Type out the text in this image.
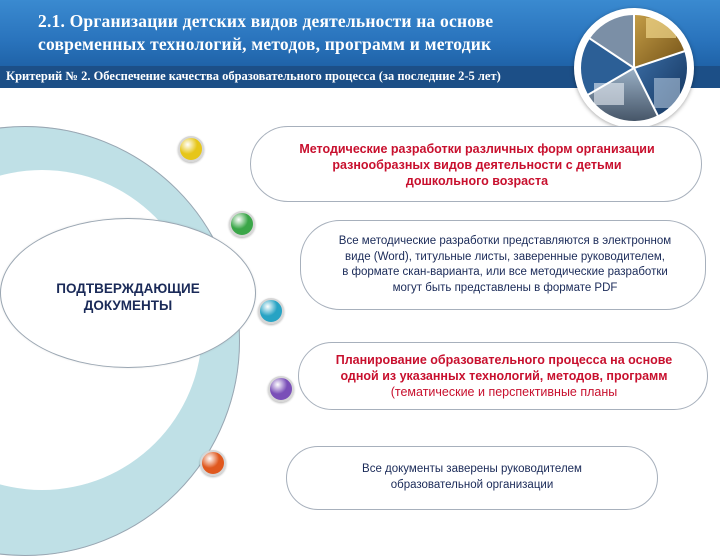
2.1. Организации детских видов деятельности на основе
современных технологий, методов, программ и методик
Критерий № 2. Обеспечение качества образовательного процесса (за последние 2-5 лет)
ПОДТВЕРЖДАЮЩИЕ
ДОКУМЕНТЫ
Методические разработки различных форм организации
разнообразных видов деятельности с детьми
дошкольного возраста
Все методические разработки представляются в электронном
виде (Word), титульные листы, заверенные руководителем,
в формате скан-варианта, или все методические разработки
могут быть представлены в формате PDF
Планирование образовательного процесса на основе
одной из указанных технологий, методов, программ
(тематические и перспективные планы
Все документы заверены руководителем
образовательной организации
